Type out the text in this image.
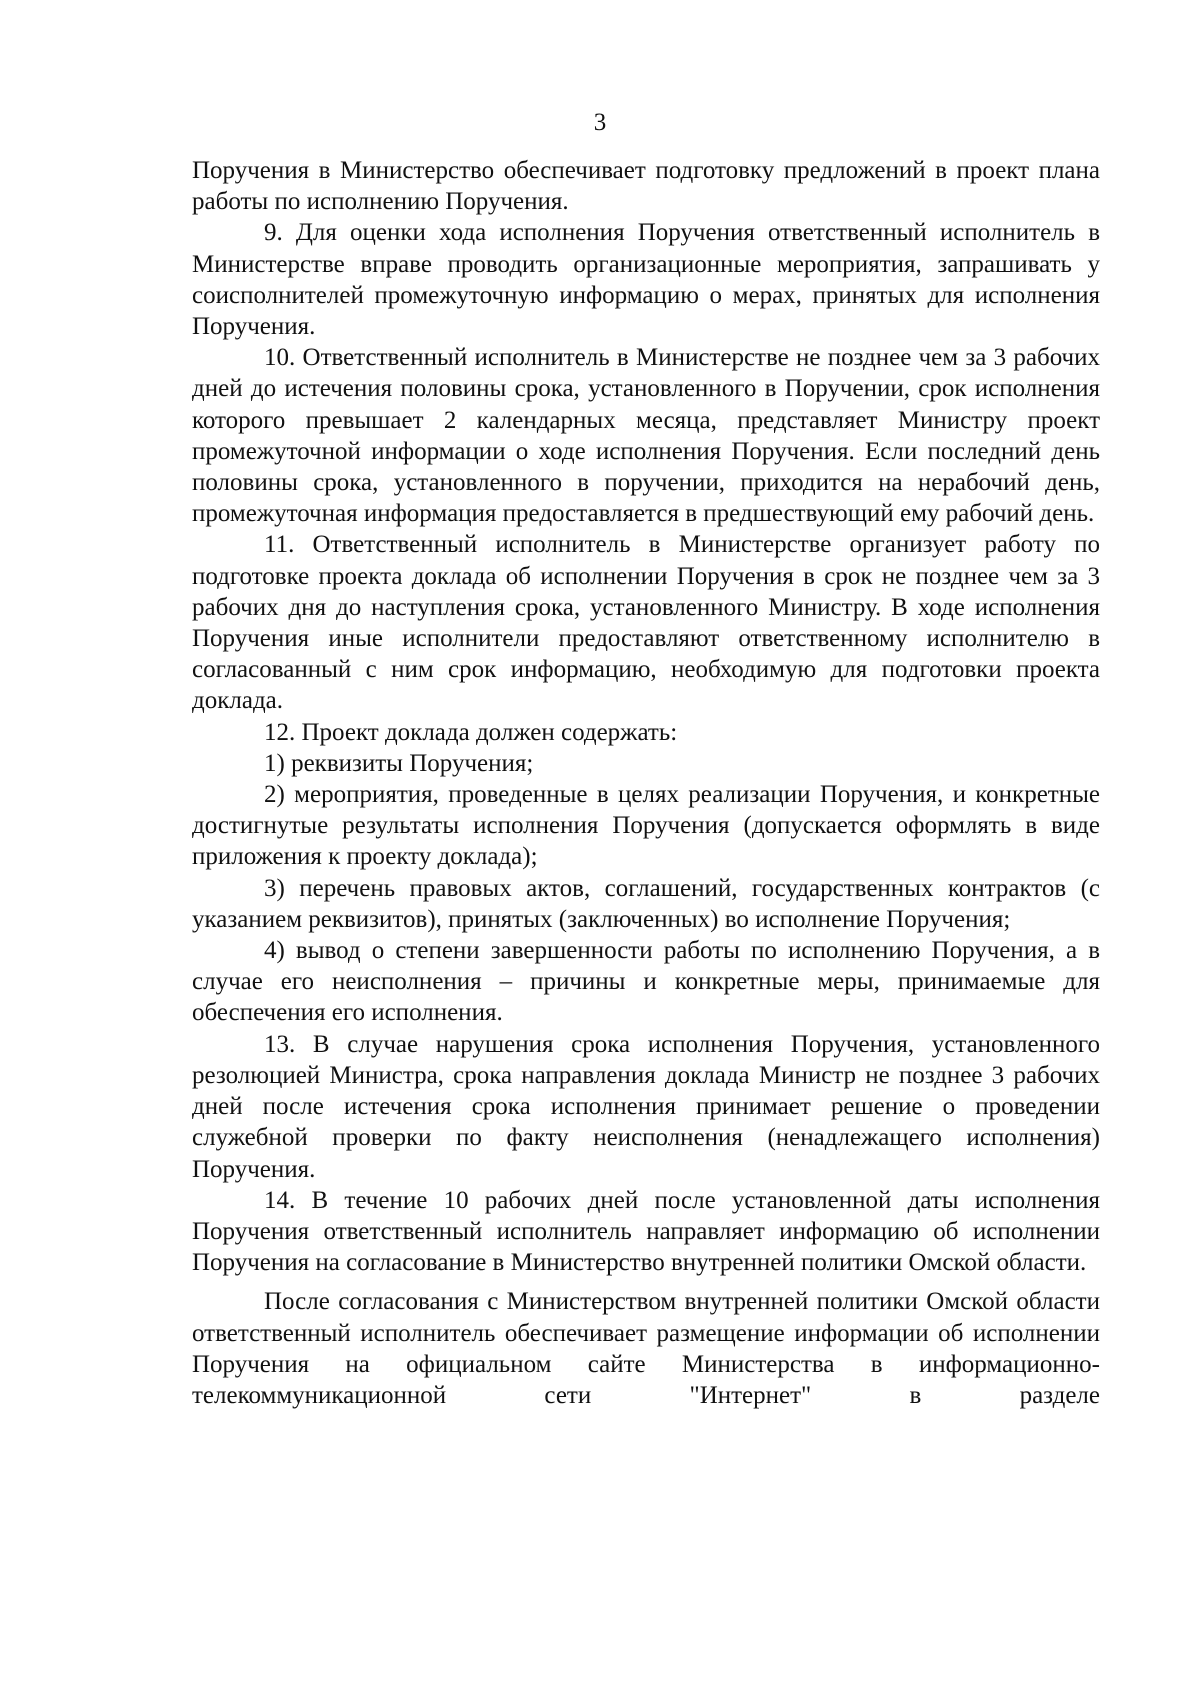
3

Поручения в Министерство обеспечивает подготовку предложений в проект плана работы по исполнению Поручения.

9. Для оценки хода исполнения Поручения ответственный исполнитель в Министерстве вправе проводить организационные мероприятия, запрашивать у соисполнителей промежуточную информацию о мерах, принятых для исполнения Поручения.

10. Ответственный исполнитель в Министерстве не позднее чем за 3 рабочих дней до истечения половины срока, установленного в Поручении, срок исполнения которого превышает 2 календарных месяца, представляет Министру проект промежуточной информации о ходе исполнения Поручения. Если последний день половины срока, установленного в поручении, приходится на нерабочий день, промежуточная информация предоставляется в предшествующий ему рабочий день.

11. Ответственный исполнитель в Министерстве организует работу по подготовке проекта доклада об исполнении Поручения в срок не позднее чем за 3 рабочих дня до наступления срока, установленного Министру. В ходе исполнения Поручения иные исполнители предоставляют ответственному исполнителю в согласованный с ним срок информацию, необходимую для подготовки проекта доклада.

12. Проект доклада должен содержать:

1) реквизиты Поручения;

2) мероприятия, проведенные в целях реализации Поручения, и конкретные достигнутые результаты исполнения Поручения (допускается оформлять в виде приложения к проекту доклада);

3) перечень правовых актов, соглашений, государственных контрактов (с указанием реквизитов), принятых (заключенных) во исполнение Поручения;

4) вывод о степени завершенности работы по исполнению Поручения, а в случае его неисполнения – причины и конкретные меры, принимаемые для обеспечения его исполнения.

13. В случае нарушения срока исполнения Поручения, установленного резолюцией Министра, срока направления доклада Министр не позднее 3 рабочих дней после истечения срока исполнения принимает решение о проведении служебной проверки по факту неисполнения (ненадлежащего исполнения) Поручения.

14. В течение 10 рабочих дней после установленной даты исполнения Поручения ответственный исполнитель направляет информацию об исполнении Поручения на согласование в Министерство внутренней политики Омской области.

После согласования с Министерством внутренней политики Омской области ответственный исполнитель обеспечивает размещение информации об исполнении Поручения на официальном сайте Министерства в информационно-телекоммуникационной сети "Интернет" в разделе
